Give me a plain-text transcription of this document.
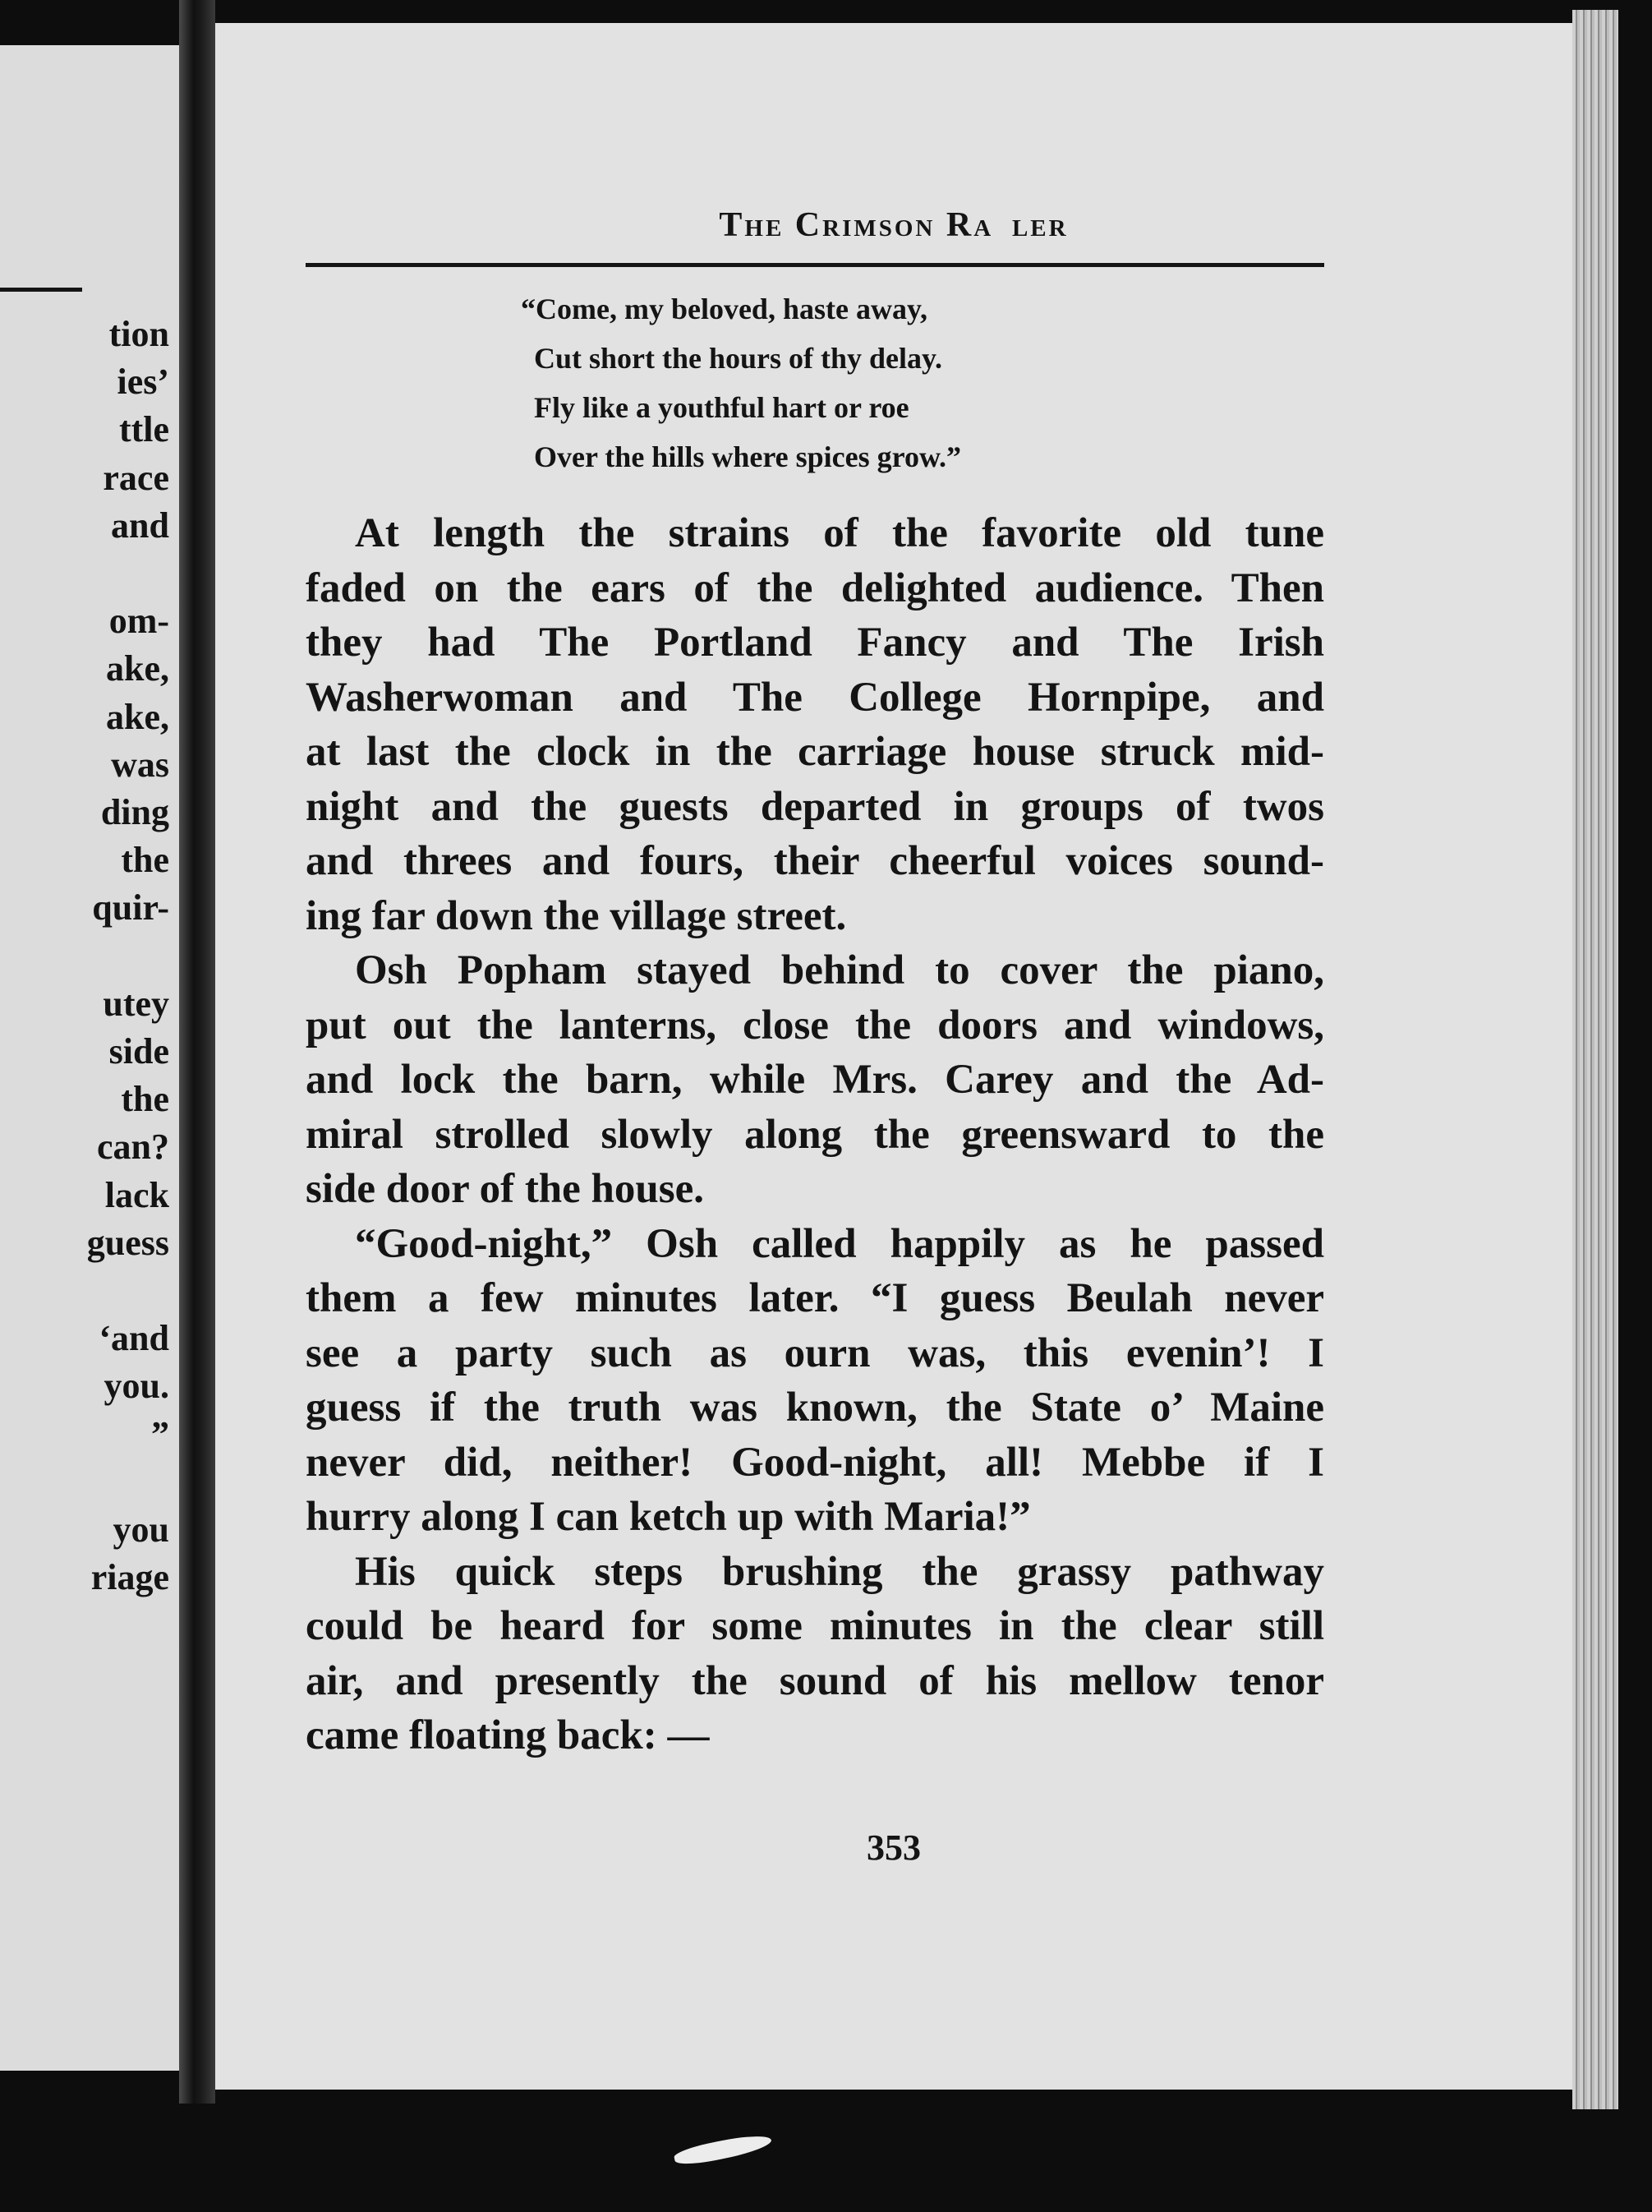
tion
ies’
ttle
race
and
om-
ake,
ake,
was
ding
the
quir-
utey
side
the
can?
lack
guess
‘and
you.
”
you
riage
The Crimson Ra  ler
“Come, my beloved, haste away,
Cut short the hours of thy delay.
Fly like a youthful hart or roe
Over the hills where spices grow.”
At length the strains of the favorite old tune
faded on the ears of the delighted audience. Then
they had The Portland Fancy and The Irish
Washerwoman and The College Hornpipe, and
at last the clock in the carriage house struck mid-
night and the guests departed in groups of twos
and threes and fours, their cheerful voices sound-
ing far down the village street.
Osh Popham stayed behind to cover the piano,
put out the lanterns, close the doors and windows,
and lock the barn, while Mrs. Carey and the Ad-
miral strolled slowly along the greensward to the
side door of the house.
“Good-night,” Osh called happily as he passed
them a few minutes later. “I guess Beulah never
see a party such as ourn was, this evenin’! I
guess if the truth was known, the State o’ Maine
never did, neither! Good-night, all! Mebbe if I
hurry along I can ketch up with Maria!”
His quick steps brushing the grassy pathway
could be heard for some minutes in the clear still
air, and presently the sound of his mellow tenor
came floating back: —
353
